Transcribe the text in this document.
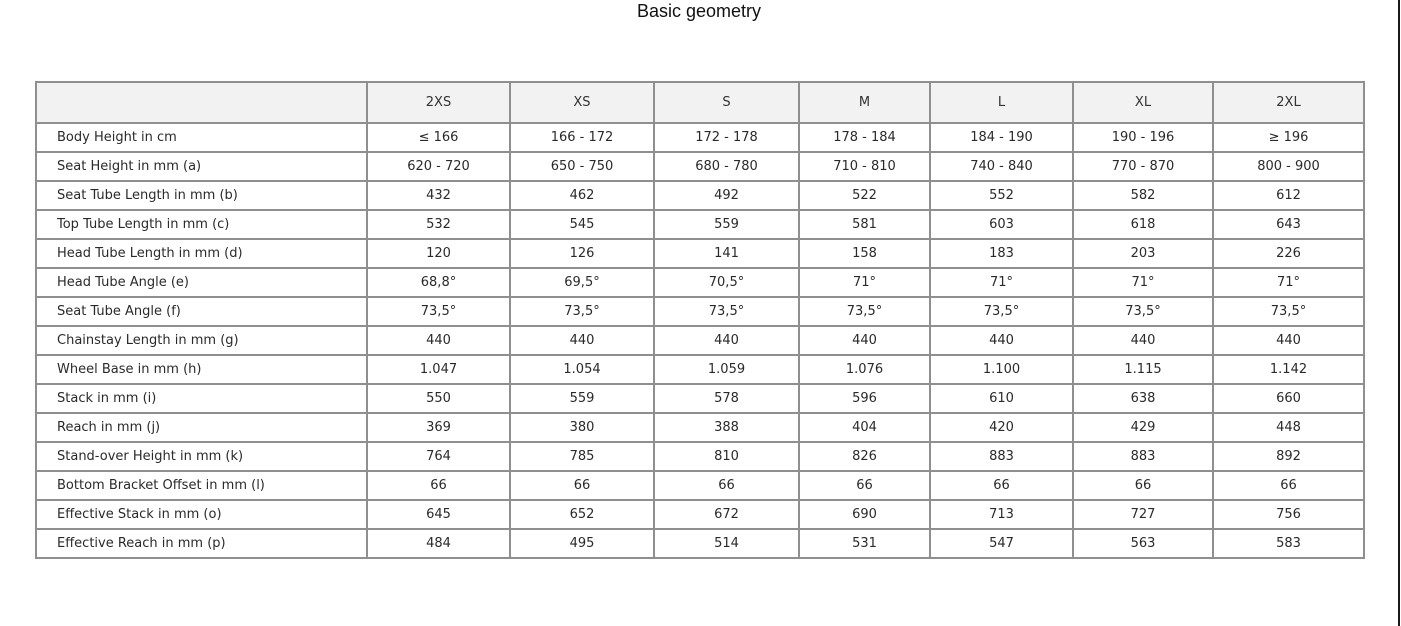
Basic geometry
	2XS	XS	S	M	L	XL	2XL
Body Height in cm	≤ 166	166 - 172	172 - 178	178 - 184	184 - 190	190 - 196	≥ 196
Seat Height in mm (a)	620 - 720	650 - 750	680 - 780	710 - 810	740 - 840	770 - 870	800 - 900
Seat Tube Length in mm (b)	432	462	492	522	552	582	612
Top Tube Length in mm (c)	532	545	559	581	603	618	643
Head Tube Length in mm (d)	120	126	141	158	183	203	226
Head Tube Angle (e)	68,8°	69,5°	70,5°	71°	71°	71°	71°
Seat Tube Angle (f)	73,5°	73,5°	73,5°	73,5°	73,5°	73,5°	73,5°
Chainstay Length in mm (g)	440	440	440	440	440	440	440
Wheel Base in mm (h)	1.047	1.054	1.059	1.076	1.100	1.115	1.142
Stack in mm (i)	550	559	578	596	610	638	660
Reach in mm (j)	369	380	388	404	420	429	448
Stand-over Height in mm (k)	764	785	810	826	883	883	892
Bottom Bracket Offset in mm (l)	66	66	66	66	66	66	66
Effective Stack in mm (o)	645	652	672	690	713	727	756
Effective Reach in mm (p)	484	495	514	531	547	563	583
